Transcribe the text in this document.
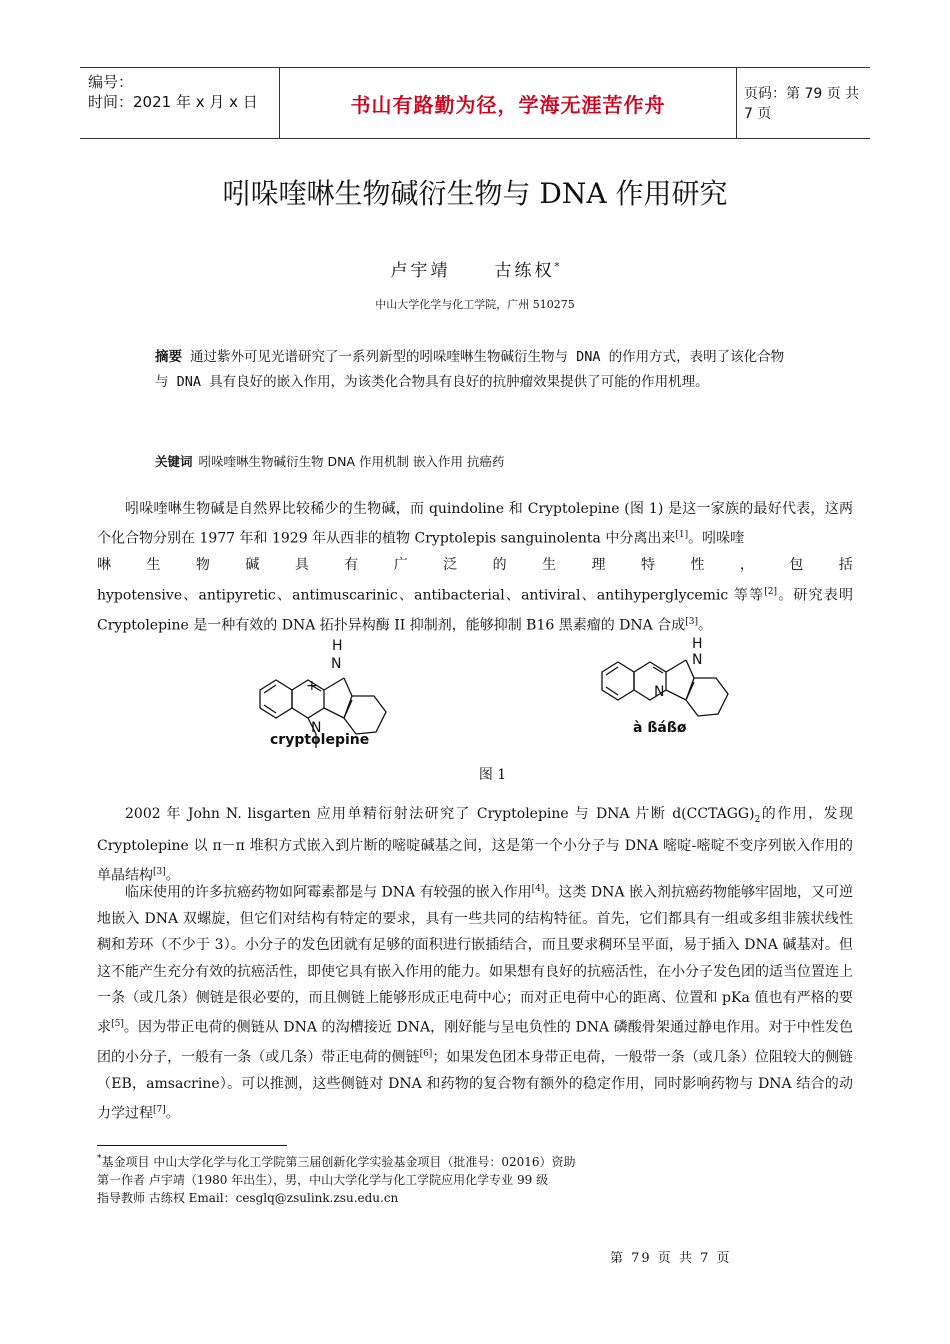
编号：
时间：2021 年 x 月 x 日	书山有路勤为径，学海无涯苦作舟	页码：第 79 页 共 7 页
吲哚喹啉生物碱衍生物与 DNA 作用研究
卢宇靖	古练权*
中山大学化学与化工学院，广州 510275
摘要 通过紫外可见光谱研究了一系列新型的吲哚喹啉生物碱衍生物与 DNA 的作用方式，表明了该化合物与 DNA 具有良好的嵌入作用，为该类化合物具有良好的抗肿瘤效果提供了可能的作用机理。
关键词 吲哚喹啉生物碱衍生物 DNA 作用机制 嵌入作用 抗癌药
吲哚喹啉生物碱是自然界比较稀少的生物碱，而 quindoline 和 Cryptolepine (图 1) 是这一家族的最好代表，这两个化合物分别在 1977 年和 1929 年从西非的植物 Cryptolepis sanguinolenta 中分离出来[1]。吲哚喹
啉	生	物	碱	具	有	广	泛	的	生	理	特	性	，	包	括
hypotensive、antipyretic、antimuscarinic、antibacterial、antiviral、antihyperglycemic 等等[2]。研究表明 Cryptolepine 是一种有效的 DNA 拓扑异构酶 II 抑制剂，能够抑制 B16 黑素瘤的 DNA 合成[3]。
H
N
N
+
cryptolepine
H
N
N
à ßáßø
图 1
2002 年 John N. lisgarten 应用单精衍射法研究了 Cryptolepine 与 DNA 片断 $d(CCTAGG)_2$的作用，发现 Cryptolepine 以 π－π 堆积方式嵌入到片断的嘧啶碱基之间，这是第一个小分子与 DNA 嘧啶-嘧啶不变序列嵌入作用的单晶结构[3]。
临床使用的许多抗癌药物如阿霉素都是与 DNA 有较强的嵌入作用[4]。这类 DNA 嵌入剂抗癌药物能够牢固地，又可逆地嵌入 DNA 双螺旋，但它们对结构有特定的要求，具有一些共同的结构特征。首先，它们都具有一组或多组非簇状线性稠和芳环（不少于 3）。小分子的发色团就有足够的面积进行嵌插结合，而且要求稠环呈平面，易于插入 DNA 碱基对。但这不能产生充分有效的抗癌活性，即使它具有嵌入作用的能力。如果想有良好的抗癌活性，在小分子发色团的适当位置连上一条（或几条）侧链是很必要的，而且侧链上能够形成正电荷中心；而对正电荷中心的距离、位置和 pKa 值也有严格的要求[5]。因为带正电荷的侧链从 DNA 的沟槽接近 DNA，刚好能与呈电负性的 DNA 磷酸骨架通过静电作用。对于中性发色团的小分子，一般有一条（或几条）带正电荷的侧链[6]；如果发色团本身带正电荷，一般带一条（或几条）位阻较大的侧链（EB，amsacrine）。可以推测，这些侧链对 DNA 和药物的复合物有额外的稳定作用，同时影响药物与 DNA 结合的动力学过程[7]。
*基金项目 中山大学化学与化工学院第三届创新化学实验基金项目（批准号：02016）资助
第一作者 卢宇靖（1980 年出生），男，中山大学化学与化工学院应用化学专业 99 级
指导教师 古练权 Email：cesglq@zsulink.zsu.edu.cn
第 79 页 共 7 页
